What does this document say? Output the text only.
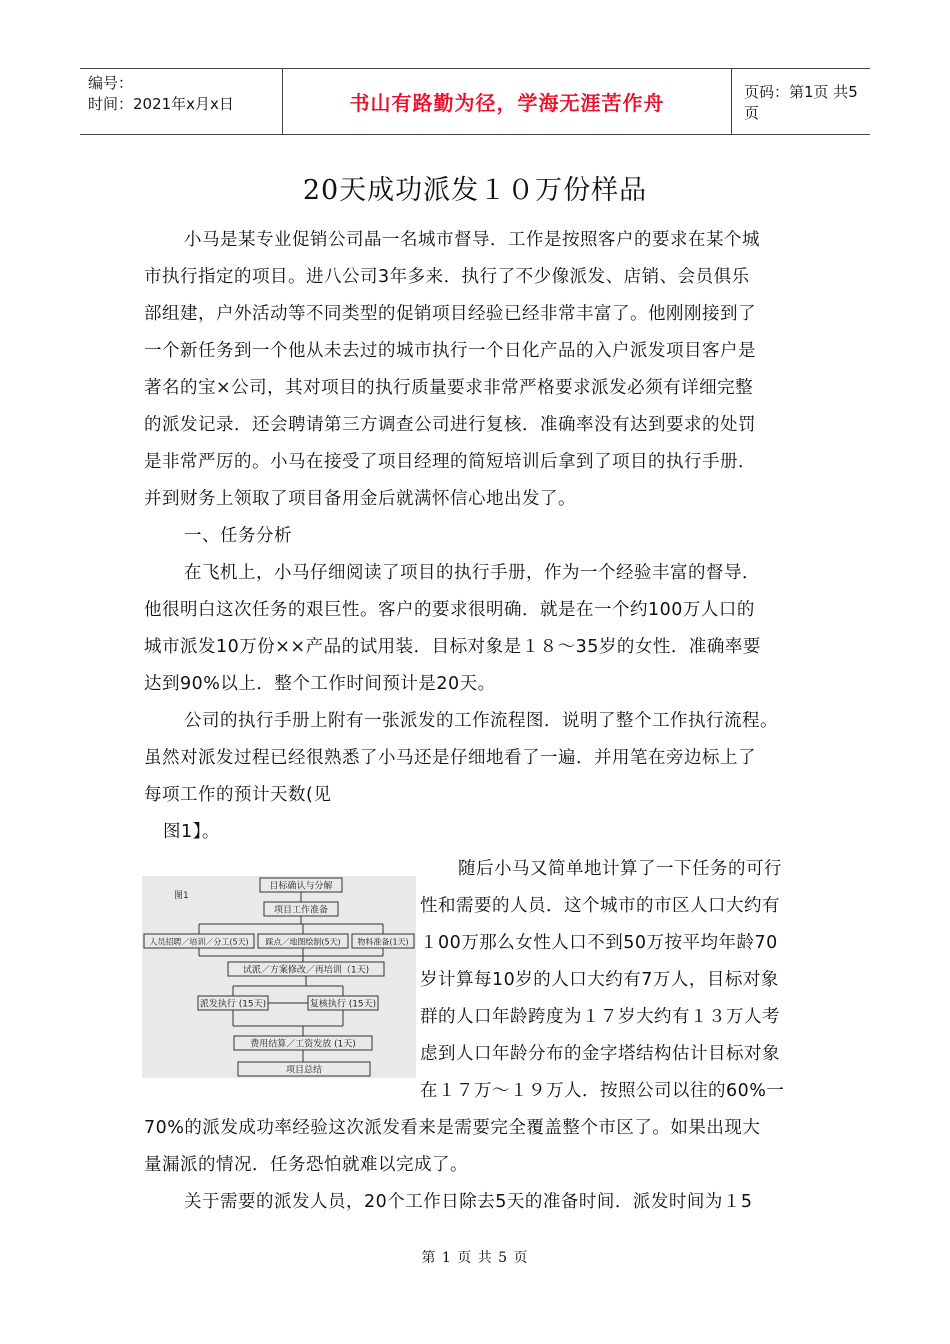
编号：
时间：2021年x月x日	书山有路勤为径，学海无涯苦作舟	页码：第1页 共5页
20天成功派发１０万份样品
小马是某专业促销公司晶一名城市督导．工作是按照客户的要求在某个城
市执行指定的项目。进八公司3年多来．执行了不少像派发、店销、会员俱乐
部组建，户外活动等不同类型的促销项目经验已经非常丰富了。他刚刚接到了
一个新任务到一个他从未去过的城市执行一个日化产品的入户派发项目客户是
著名的宝×公司，其对项目的执行质量要求非常严格要求派发必须有详细完整
的派发记录．还会聘请第三方调查公司进行复核．准确率没有达到要求的处罚
是非常严厉的。小马在接受了项目经理的简短培训后拿到了项目的执行手册．
并到财务上领取了项目备用金后就满怀信心地出发了。
一、任务分析
在飞机上，小马仔细阅读了项目的执行手册，作为一个经验丰富的督导．
他很明白这次任务的艰巨性。客户的要求很明确．就是在一个约100万人口的
城市派发10万份××产品的试用装．目标对象是１８～35岁的女性．准确率要
达到90%以上．整个工作时间预计是20天。
公司的执行手册上附有一张派发的工作流程图．说明了整个工作执行流程。
虽然对派发过程已经很熟悉了小马还是仔细地看了一遍．并用笔在旁边标上了
每项工作的预计天数(见
图1】。
随后小马又简单地计算了一下任务的可行
性和需要的人员．这个城市的市区人口大约有
１00万那么女性人口不到50万按平均年龄70
岁计算每10岁的人口大约有7万人，目标对象
群的人口年龄跨度为１７岁大约有１３万人考
虑到人口年龄分布的金字塔结构估计目标对象
在１７万～１９万人．按照公司以往的60%一
70%的派发成功率经验这次派发看来是需要完全覆盖整个市区了。如果出现大
量漏派的情况．任务恐怕就难以完成了。
关于需要的派发人员，20个工作日除去5天的准备时间．派发时间为１5
图1
目标确认与分解
项目工作准备
人员招聘／培训／分工(5天) 踩点／地图绘制(5天) 物料准备(1天)
试派／方案修改／再培训（1天)
派发执行 (15天)	复核执行 (15天)
费用结算／工资发放 (1天)
项目总结
第 1 页 共 5 页
